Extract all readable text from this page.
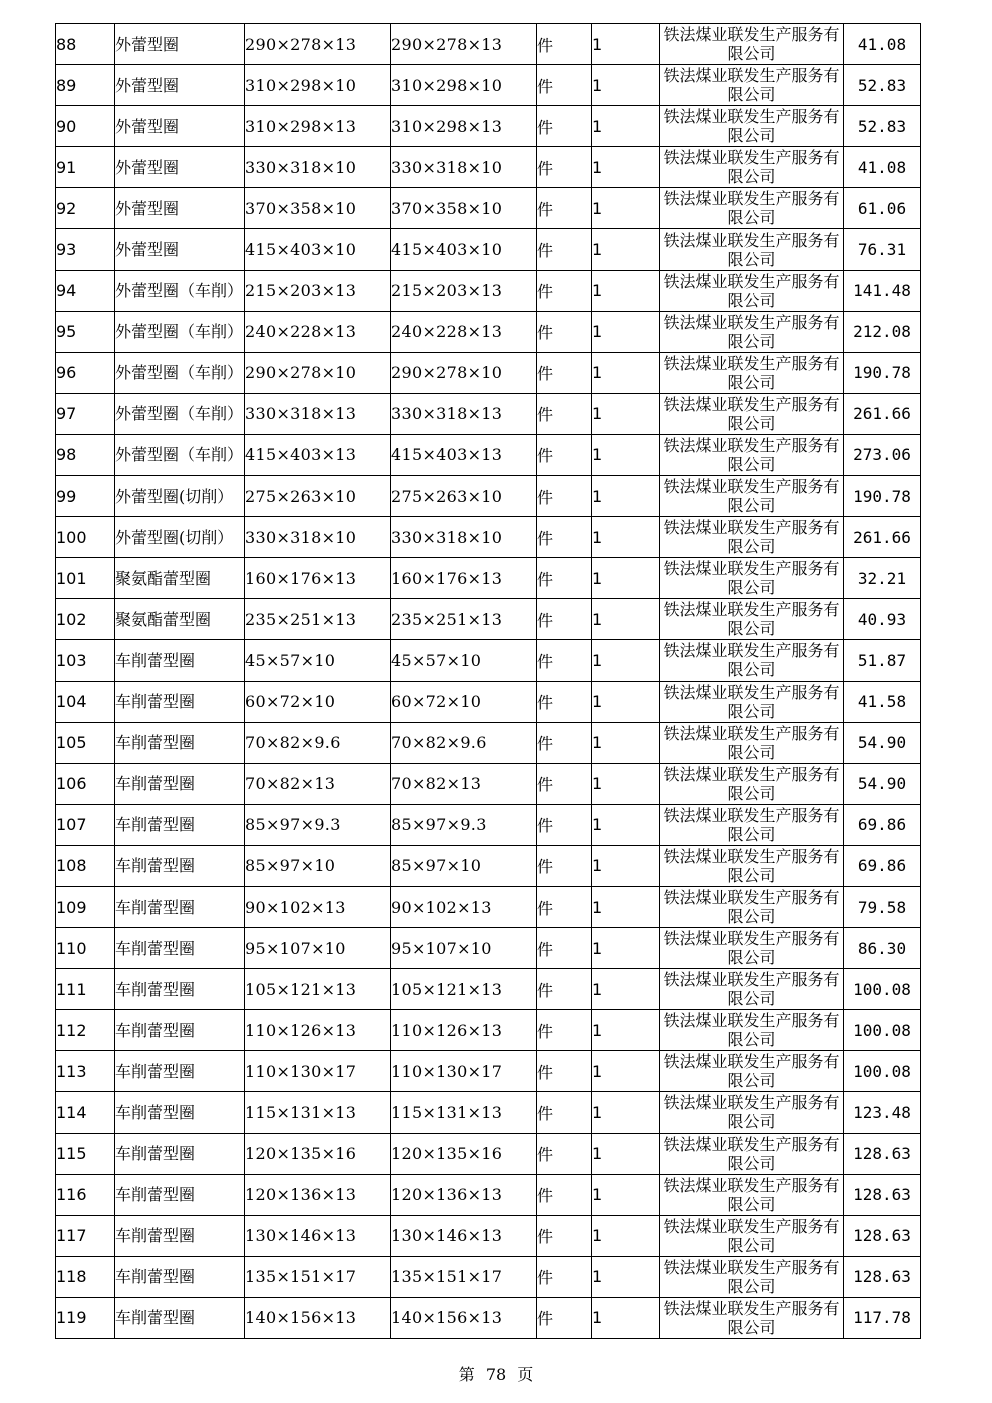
88	外蕾型圈	290×278×13	290×278×13	件	1	铁法煤业联发生产服务有限公司	41.08
89	外蕾型圈	310×298×10	310×298×10	件	1	铁法煤业联发生产服务有限公司	52.83
90	外蕾型圈	310×298×13	310×298×13	件	1	铁法煤业联发生产服务有限公司	52.83
91	外蕾型圈	330×318×10	330×318×10	件	1	铁法煤业联发生产服务有限公司	41.08
92	外蕾型圈	370×358×10	370×358×10	件	1	铁法煤业联发生产服务有限公司	61.06
93	外蕾型圈	415×403×10	415×403×10	件	1	铁法煤业联发生产服务有限公司	76.31
94	外蕾型圈（车削）	215×203×13	215×203×13	件	1	铁法煤业联发生产服务有限公司	141.48
95	外蕾型圈（车削）	240×228×13	240×228×13	件	1	铁法煤业联发生产服务有限公司	212.08
96	外蕾型圈（车削）	290×278×10	290×278×10	件	1	铁法煤业联发生产服务有限公司	190.78
97	外蕾型圈（车削）	330×318×13	330×318×13	件	1	铁法煤业联发生产服务有限公司	261.66
98	外蕾型圈（车削）	415×403×13	415×403×13	件	1	铁法煤业联发生产服务有限公司	273.06
99	外蕾型圈(切削）	275×263×10	275×263×10	件	1	铁法煤业联发生产服务有限公司	190.78
100	外蕾型圈(切削）	330×318×10	330×318×10	件	1	铁法煤业联发生产服务有限公司	261.66
101	聚氨酯蕾型圈	160×176×13	160×176×13	件	1	铁法煤业联发生产服务有限公司	32.21
102	聚氨酯蕾型圈	235×251×13	235×251×13	件	1	铁法煤业联发生产服务有限公司	40.93
103	车削蕾型圈	45×57×10	45×57×10	件	1	铁法煤业联发生产服务有限公司	51.87
104	车削蕾型圈	60×72×10	60×72×10	件	1	铁法煤业联发生产服务有限公司	41.58
105	车削蕾型圈	70×82×9.6	70×82×9.6	件	1	铁法煤业联发生产服务有限公司	54.90
106	车削蕾型圈	70×82×13	70×82×13	件	1	铁法煤业联发生产服务有限公司	54.90
107	车削蕾型圈	85×97×9.3	85×97×9.3	件	1	铁法煤业联发生产服务有限公司	69.86
108	车削蕾型圈	85×97×10	85×97×10	件	1	铁法煤业联发生产服务有限公司	69.86
109	车削蕾型圈	90×102×13	90×102×13	件	1	铁法煤业联发生产服务有限公司	79.58
110	车削蕾型圈	95×107×10	95×107×10	件	1	铁法煤业联发生产服务有限公司	86.30
111	车削蕾型圈	105×121×13	105×121×13	件	1	铁法煤业联发生产服务有限公司	100.08
112	车削蕾型圈	110×126×13	110×126×13	件	1	铁法煤业联发生产服务有限公司	100.08
113	车削蕾型圈	110×130×17	110×130×17	件	1	铁法煤业联发生产服务有限公司	100.08
114	车削蕾型圈	115×131×13	115×131×13	件	1	铁法煤业联发生产服务有限公司	123.48
115	车削蕾型圈	120×135×16	120×135×16	件	1	铁法煤业联发生产服务有限公司	128.63
116	车削蕾型圈	120×136×13	120×136×13	件	1	铁法煤业联发生产服务有限公司	128.63
117	车削蕾型圈	130×146×13	130×146×13	件	1	铁法煤业联发生产服务有限公司	128.63
118	车削蕾型圈	135×151×17	135×151×17	件	1	铁法煤业联发生产服务有限公司	128.63
119	车削蕾型圈	140×156×13	140×156×13	件	1	铁法煤业联发生产服务有限公司	117.78
第 78 页
